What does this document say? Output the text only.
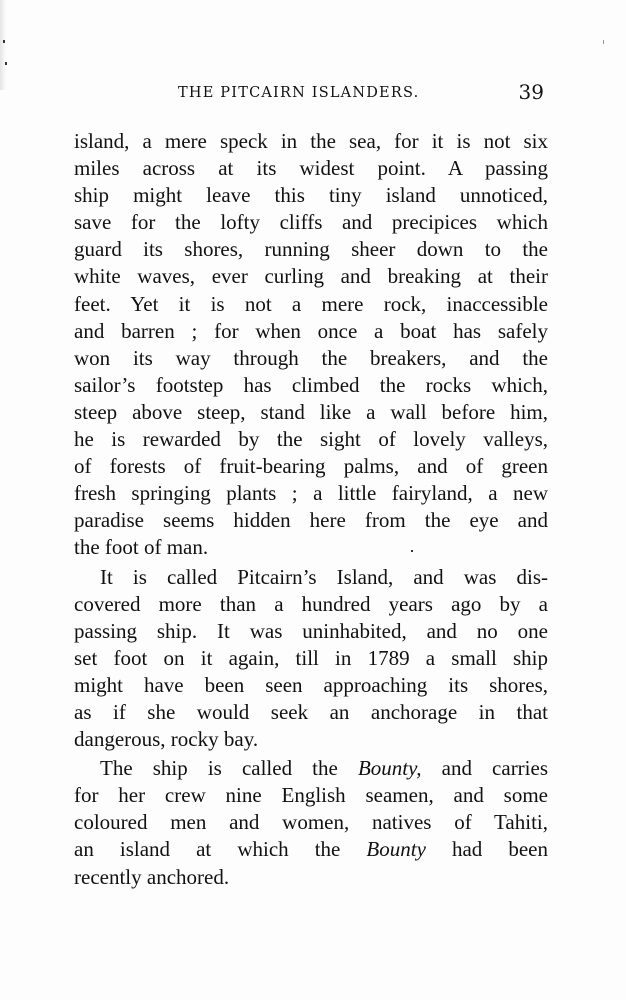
THE PITCAIRN ISLANDERS.	39
island, a mere speck in the sea, for it is not six
miles across at its widest point. A passing
ship might leave this tiny island unnoticed,
save for the lofty cliffs and precipices which
guard its shores, running sheer down to the
white waves, ever curling and breaking at their
feet. Yet it is not a mere rock, inaccessible
and barren ; for when once a boat has safely
won its way through the breakers, and the
sailor’s footstep has climbed the rocks which,
steep above steep, stand like a wall before him,
he is rewarded by the sight of lovely valleys,
of forests of fruit-bearing palms, and of green
fresh springing plants ; a little fairyland, a new
paradise seems hidden here from the eye and
the foot of man.
It is called Pitcairn’s Island, and was dis-
covered more than a hundred years ago by a
passing ship. It was uninhabited, and no one
set foot on it again, till in 1789 a small ship
might have been seen approaching its shores,
as if she would seek an anchorage in that
dangerous, rocky bay.
The ship is called the Bounty, and carries
for her crew nine English seamen, and some
coloured men and women, natives of Tahiti,
an island at which the Bounty had been
recently anchored.
